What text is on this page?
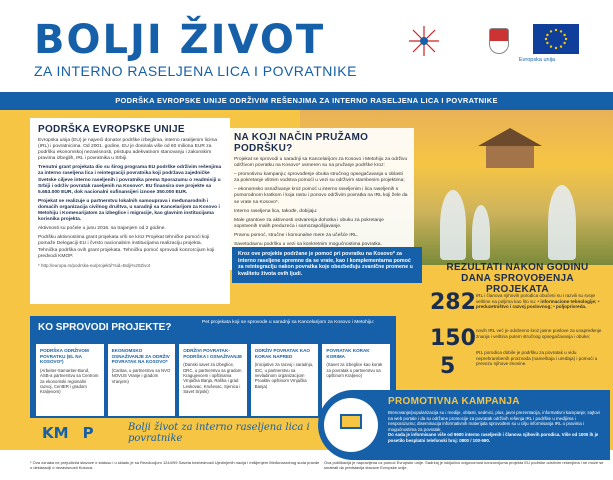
BOLJI ŽIVOT
ZA INTERNO RASELJENA LICA I POVRATNIKE
Evropska unija
PODRŠKA EVROPSKE UNIJE ODRŽIVIM REŠENJIMA ZA INTERNO RASELJENA LICA I POVRATNIKE
PODRŠKA EVROPSKE UNIJE

Evropska unija (EU) je najveći donator podrške izbeglima, interno raseljenim licima (IRL) i povratnicima. Od 2001. godine, EU je donirala više od 60 miliona EUR za podršku ekonomskoj nezavisnosti, pristupu adekvatnom stanovanju i zakonskim pravima izbeglih, IRL i povratnika u Srbiji.

Trenutni grant projekata dio su širog programa EU podrške održivim rešenjima za interno raseljena lica i reintegraciji povratnika koji podržava zajedničke Svetske ciljeve interno raseljenih i povratnika prema Sporazumu o readmisiji u Srbiji i održiv povratak raseljenih na Kosovo*. EU finansira ove projekte sa 5.653.000 EUR, dok nacionalni sufinansijeri iznose 350.000 EUR.

Projekat se realizuje u partnerstvu lokalnih samouprava i međunarodnih i domaćih organizacija civilnog društva, u saradnji sa Kancelarijom za Kosovo i Metohiju i Komesarijatom za izbeglice i migracije, kao glavnim institucijama korisnika projekta.

Aktivnosti su počele u junu 2016. sa trajanjem od 2 godine.

Podršku aktivnostima grant projekata vrši se kroz Projekat tehničke pomoći koji pomaže Delegaciji EU i čvrsto nacionalnim institucijama realizaciju projekta. Tehnička podrška ovih grant projekata. Tehničku pomoć sprovodi konzorcijum koji predvodi KMOP.

* http://europa.rs/podrska-eu/projekti/?sid=Bolji%20Zivot

NA KOJI NAČIN PRUŽAMO PODRŠKU?

Projekat se sprovodi u saradnji sa Kancelarijom za Kosovo i Metohiju za održivu održivom povratku na Kosovo* usmeren su na pružanje podrške kroz:

– promotivnu kampanju; sprovođenje obuka stručnog opsegačavanja u oblasti za pokretanje vlitnim vodstva pomoći u vezi su održivim stambenim projektima;

– ekonomsko osnaživanje kroz pomoć u interno raseljenim i lica raseljenih s pomorodnom kratkom i koja rastu i ponovo održivim povratka na IRL koji žele da se vrate na Kosovo*.

Interno raseljena lica, takođe, dobijaju:

Male grantove za aktivnosti ostvarenja dohotka i obuku za pokretanje sopstvenih malih preduzeća i samozapošljavanje.

Pravnu pomoć, stručne i komunalne mere za učešće IRL.

Savetodavnu podršku u vezi sa konkretnim mogućnostima povratka.

Kroz ove projekte podržane je pomoć pri povratku na Kosovo* za interno raseljene spremne da se vrate, kao i komplementarna pomoć za reintegraciju nakon povratka koje obezbeđuju zvanične promene u kvalitetu života ovih ljudi.
REZULTATI NAKON GODINU DANA SPROVOĐENJA PROJEKATA
282 IRL i članova njihovih porodica obučeni su i razvili su svoje veštine na poljima kao što su: • informacione tehnologije; • preduzetništvo i razvoj poslovnog; • poljoprivreda.
150 novih IRL već je odobreno kroz jasne poslove za unapređenje znanja i veština putem stručnog opsegačavanja i obuke;
5
IRL porodica dobile je podršku za povratak u vidu neprehrambenih proizvoda (nameštaja i uređaja) i pomoći u prevozu njihove imovine.
KO SPROVODI PROJEKTE?	Pet projekata koji se sprovode u saradnji sa Kancelarijom za Kosovo i Metohiju:
PODRŠKA ODRŽIVOM POVRATKU (EL NA KOSOVO*)
(Arbeiter-Samariter-Bund, ASB-a partnerstvu sa Centrom za ekonomski regionalni razvoj, CentER i gradom Kraljevom)
EKONOMSKO OSNAŽIVANJE ZA ODRŽIV POVRATAK NA KOSOVO*
(Caritas, u partnerstvu sa NVO NOVUS Vranje i gradom Vranjem)
ODRŽIVI POVRATAK-PODRŠKA I OSNAŽIVANJE
(Danski savet za izbeglice, DRC, u partnerstvu sa gradom Kragujevcem i opštinama Vrnjačka Banja, Raška i grad Leskovac, Kruševac, Sjenica i Savet Srpski)
ODRŽIV POVRATAK KAO KORAK NAPRED
(Inicijative za razvoj i saradnju, IDC, u partnerstvu sa nevladinom organizacijom Proaktiv opštinom Vrnjačka Banja)
POVRATAK KORAK KORIMA
(Savet za izbeglice kao korak za povratak u partnerstvu sa opštinom Kraljevo)
KM P	Bolji život za interno raseljena lica i povratnike
PROMOTIVNA KAMPANJA
Brenovanje/popularizacija su i medije, oblasti, sedmici, plus, javni prezentacija, informativni kampanje; sajtovi na web portale i da su održane promocije za povratak održivih rešenja IRL i podrške u medijima i nesporazumu; diseminacija informativnih materijala sprovođeni su u cilju informisanja IRL o pravima i mogućnostima za povratak.
Do sada je informisano više od 9600 interno raseljenih i članova njihovih porodica. Više od 1000 ih je posetilo besplatni telefonski broj: 0800 / 100-590.
* Ova oznaka ne prejudicira stavove o statusu i u skladu je sa Rezolucijom 1244/99 Saveta bezbednosti Ujedinjenih nacija i mišljenjem Međunarodnog suda pravde o deklaraciji o nezavisnosti Kosova.
Ova publikacija je napravljena uz pomoć Evropske unije. Sadržaj je isključivo odgovornost konzorcijuma projekta EU podrške održivim rešenjima i ne može se smatrati da predstavlja stavove Evropske unije.
